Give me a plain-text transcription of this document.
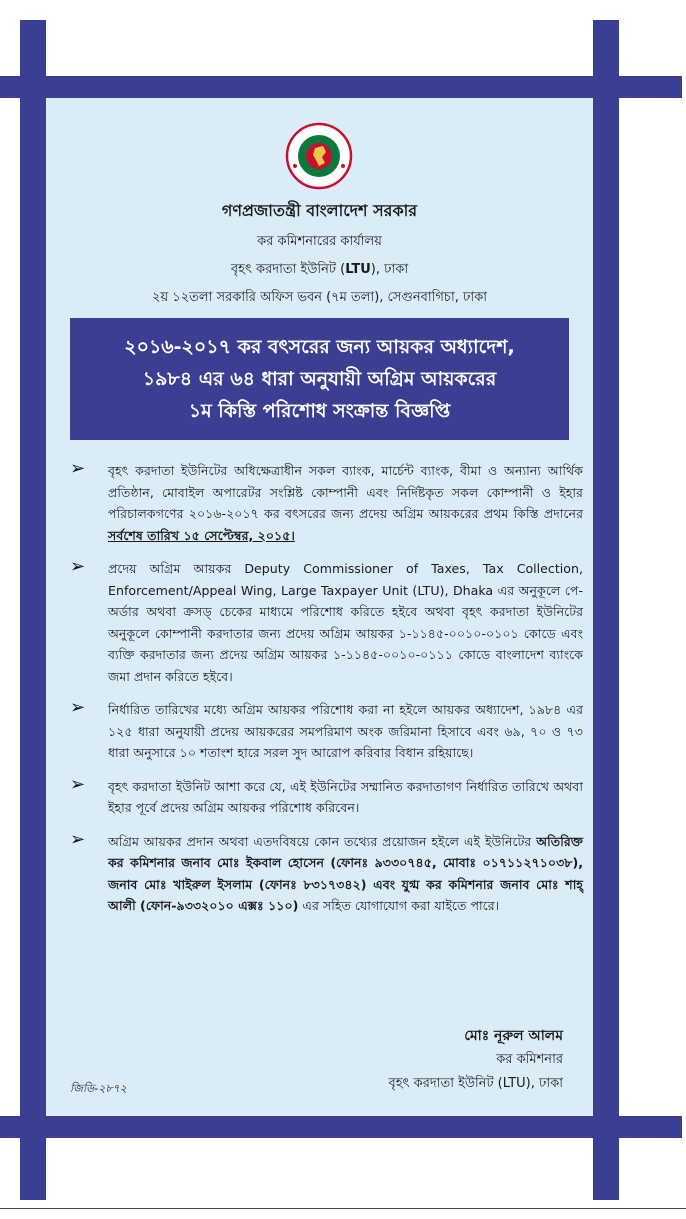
গণপ্রজাতন্ত্রী বাংলাদেশ সরকার
কর কমিশনারের কার্যালয়
বৃহৎ করদাতা ইউনিট (LTU), ঢাকা
২য় ১২তলা সরকারি অফিস ভবন (৭ম তলা), সেগুনবাগিচা, ঢাকা
২০১৬-২০১৭ কর বৎসরের জন্য আয়কর অধ্যাদেশ,
১৯৮৪ এর ৬৪ ধারা অনুযায়ী অগ্রিম আয়করের
১ম কিস্তি পরিশোধ সংক্রান্ত বিজ্ঞপ্তি
➢	বৃহৎ করদাতা ইউনিটের অধিক্ষেত্রাধীন সকল ব্যাংক, মার্চেন্ট ব্যাংক, বীমা ও অন্যান্য আর্থিক প্রতিষ্ঠান, মোবাইল অপারেটর সংশ্লিষ্ট কোম্পানী এবং নির্দিষ্টকৃত সকল কোম্পানী ও ইহার পরিচালকগণের ২০১৬-২০১৭ কর বৎসরের জন্য প্রদেয় অগ্রিম আয়করের প্রথম কিস্তি প্রদানের সর্বশেষ তারিখ ১৫ সেপ্টেম্বর, ২০১৫।
➢	প্রদেয় অগ্রিম আয়কর Deputy Commissioner of Taxes, Tax Collection, Enforcement/Appeal Wing, Large Taxpayer Unit (LTU), Dhaka এর অনুকূলে পে-অর্ডার অথবা ক্রসড্ চেকের মাধ্যমে পরিশোধ করিতে হইবে অথবা বৃহৎ করদাতা ইউনিটের অনুকূলে কোম্পানী করদাতার জন্য প্রদেয় অগ্রিম আয়কর ১-১১৪৫-০০১০-০১০১ কোডে এবং ব্যক্তি করদাতার জন্য প্রদেয় অগ্রিম আয়কর ১-১১৪৫-০০১০-০১১১ কোডে বাংলাদেশ ব্যাংকে জমা প্রদান করিতে হইবে।
➢	নির্ধারিত তারিখের মধ্যে অগ্রিম আয়কর পরিশোধ করা না হইলে আয়কর অধ্যাদেশ, ১৯৮৪ এর ১২৫ ধারা অনুযায়ী প্রদেয় আয়করের সমপরিমাণ অংক জরিমানা হিসাবে এবং ৬৯, ৭০ ও ৭৩ ধারা অনুসারে ১০ শতাংশ হারে সরল সুদ আরোপ করিবার বিধান রহিয়াছে।
➢	বৃহৎ করদাতা ইউনিট আশা করে যে, এই ইউনিটের সম্মানিত করদাতাগণ নির্ধারিত তারিখে অথবা ইহার পূর্বে প্রদেয় অগ্রিম আয়কর পরিশোধ করিবেন।
➢	অগ্রিম আয়কর প্রদান অথবা এতদবিষয়ে কোন তথ্যের প্রয়োজন হইলে এই ইউনিটের অতিরিক্ত কর কমিশনার জনাব মোঃ ইকবাল হোসেন (ফোনঃ ৯৩৩০৭৪৫, মোবাঃ ০১৭১১২৭১০৩৮), জনাব মোঃ খাইরুল ইসলাম (ফোনঃ ৮৩১৭৩৪২) এবং যুগ্ম কর কমিশনার জনাব মোঃ শাহ্ আলী (ফোন-৯৩৩২০১০ এক্সঃ ১১০) এর সহিত যোগাযোগ করা যাইতে পারে।
মোঃ নূরুল আলম
কর কমিশনার
বৃহৎ করদাতা ইউনিট (LTU), ঢাকা
জিডি-২৮৭২
